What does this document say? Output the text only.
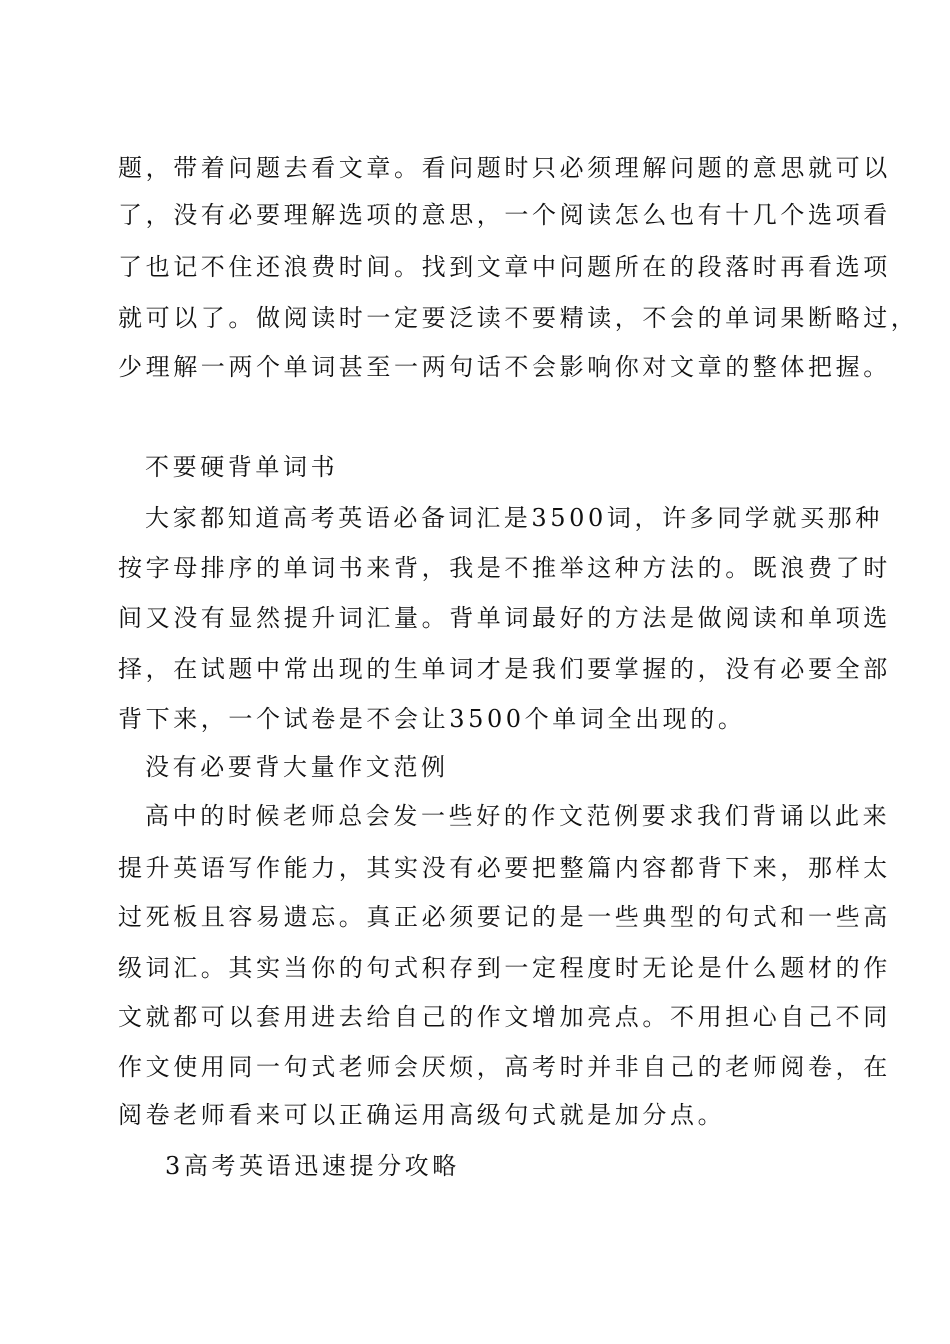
题，带着问题去看文章。看问题时只必须理解问题的意思就可以
了，没有必要理解选项的意思，一个阅读怎么也有十几个选项看
了也记不住还浪费时间。找到文章中问题所在的段落时再看选项
就可以了。做阅读时一定要泛读不要精读，不会的单词果断略过，
少理解一两个单词甚至一两句话不会影响你对文章的整体把握。
不要硬背单词书
大家都知道高考英语必备词汇是3500词，许多同学就买那种
按字母排序的单词书来背，我是不推举这种方法的。既浪费了时
间又没有显然提升词汇量。背单词最好的方法是做阅读和单项选
择，在试题中常出现的生单词才是我们要掌握的，没有必要全部
背下来，一个试卷是不会让3500个单词全出现的。
没有必要背大量作文范例
高中的时候老师总会发一些好的作文范例要求我们背诵以此来
提升英语写作能力，其实没有必要把整篇内容都背下来，那样太
过死板且容易遗忘。真正必须要记的是一些典型的句式和一些高
级词汇。其实当你的句式积存到一定程度时无论是什么题材的作
文就都可以套用进去给自己的作文增加亮点。不用担心自己不同
作文使用同一句式老师会厌烦，高考时并非自己的老师阅卷，在
阅卷老师看来可以正确运用高级句式就是加分点。
3高考英语迅速提分攻略
